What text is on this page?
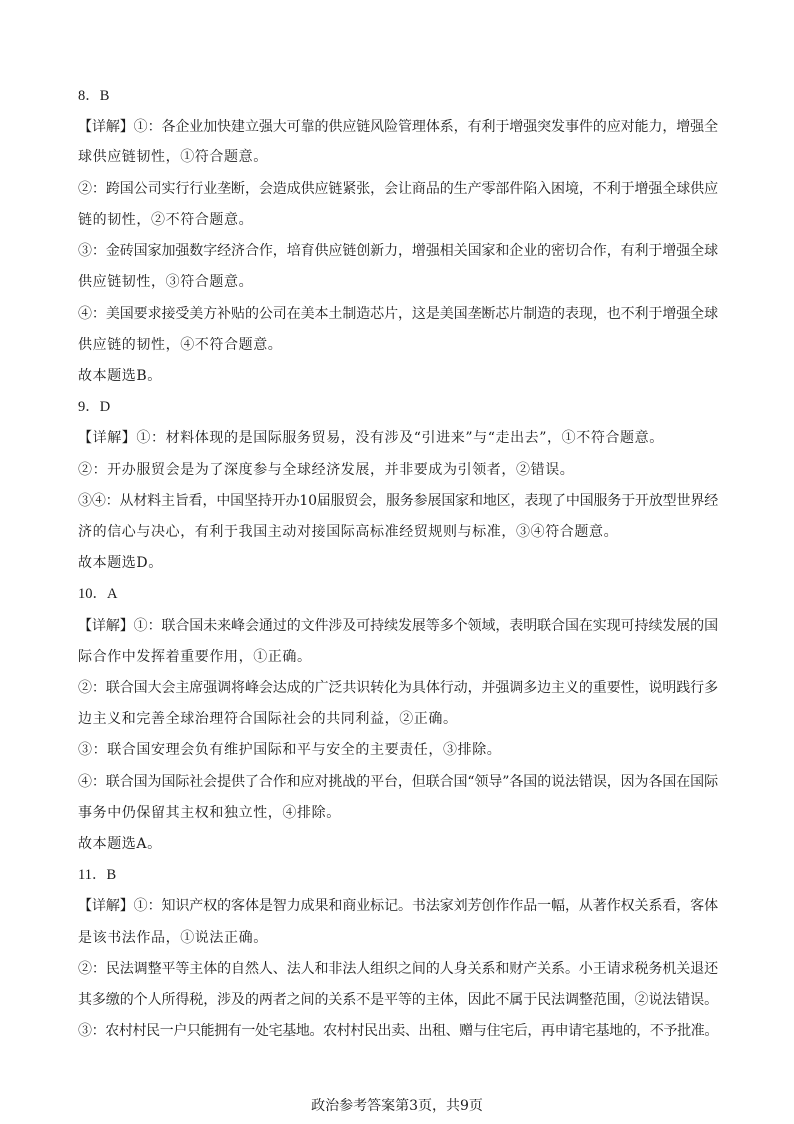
8．B
【详解】①：各企业加快建立强大可靠的供应链风险管理体系，有利于增强突发事件的应对能力，增强全
球供应链韧性，①符合题意。
②：跨国公司实行行业垄断，会造成供应链紧张，会让商品的生产零部件陷入困境，不利于增强全球供应
链的韧性，②不符合题意。
③：金砖国家加强数字经济合作，培育供应链创新力，增强相关国家和企业的密切合作，有利于增强全球
供应链韧性，③符合题意。
④：美国要求接受美方补贴的公司在美本土制造芯片，这是美国垄断芯片制造的表现，也不利于增强全球
供应链的韧性，④不符合题意。
故本题选B。
9．D
【详解】①：材料体现的是国际服务贸易，没有涉及“引进来”与“走出去”，①不符合题意。
②：开办服贸会是为了深度参与全球经济发展，并非要成为引领者，②错误。
③④：从材料主旨看，中国坚持开办10届服贸会，服务参展国家和地区，表现了中国服务于开放型世界经
济的信心与决心，有利于我国主动对接国际高标准经贸规则与标准，③④符合题意。
故本题选D。
10．A
【详解】①：联合国未来峰会通过的文件涉及可持续发展等多个领域，表明联合国在实现可持续发展的国
际合作中发挥着重要作用，①正确。
②：联合国大会主席强调将峰会达成的广泛共识转化为具体行动，并强调多边主义的重要性，说明践行多
边主义和完善全球治理符合国际社会的共同利益，②正确。
③：联合国安理会负有维护国际和平与安全的主要责任，③排除。
④：联合国为国际社会提供了合作和应对挑战的平台，但联合国“领导”各国的说法错误，因为各国在国际
事务中仍保留其主权和独立性，④排除。
故本题选A。
11．B
【详解】①：知识产权的客体是智力成果和商业标记。书法家刘芳创作作品一幅，从著作权关系看，客体
是该书法作品，①说法正确。
②：民法调整平等主体的自然人、法人和非法人组织之间的人身关系和财产关系。小王请求税务机关退还
其多缴的个人所得税，涉及的两者之间的关系不是平等的主体，因此不属于民法调整范围，②说法错误。
③：农村村民一户只能拥有一处宅基地。农村村民出卖、出租、赠与住宅后，再申请宅基地的，不予批准。
政治参考答案第3页，共9页
